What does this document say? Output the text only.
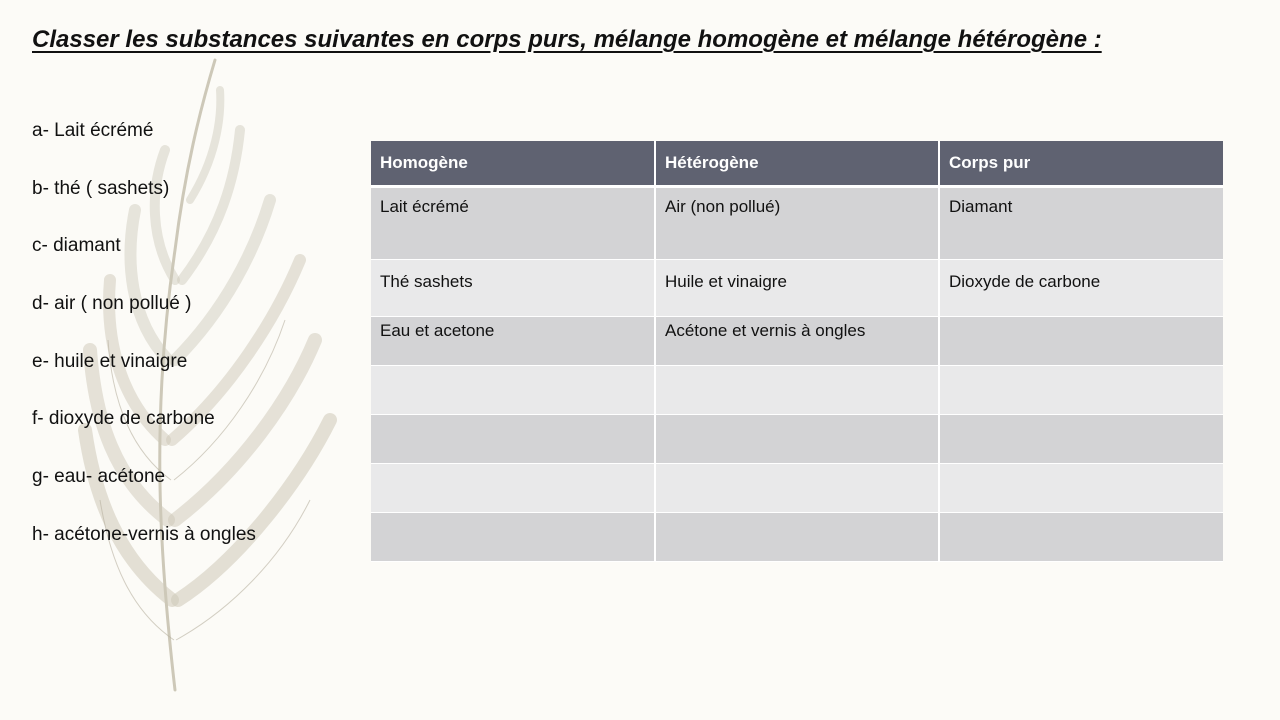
Classer les substances suivantes en corps purs, mélange homogène et mélange hétérogène :
a- Lait écrémé
b- thé ( sashets)
c- diamant
d- air ( non pollué )
e- huile et vinaigre
f- dioxyde de carbone
g- eau- acétone
h- acétone-vernis à ongles
Homogène	Hétérogène	Corps pur
Lait écrémé	Air (non pollué)	Diamant
Thé sashets	Huile et vinaigre	Dioxyde de carbone
Eau et acetone	Acétone et vernis à ongles	
